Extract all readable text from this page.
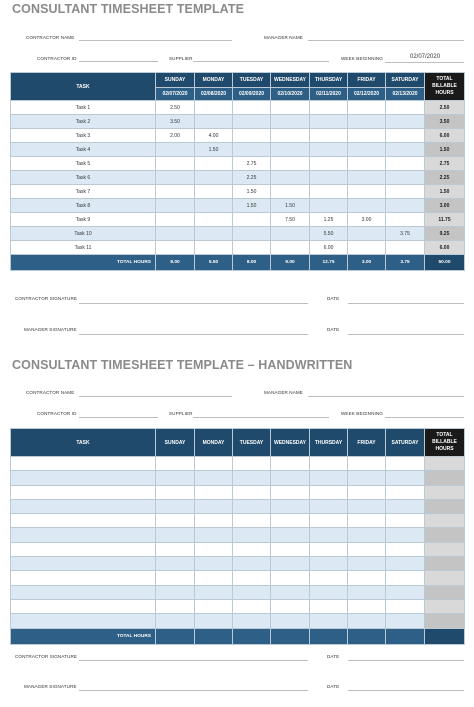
CONSULTANT TIMESHEET TEMPLATE
CONTRACTOR NAME	MANAGER NAME
CONTRACTOR ID	SUPPLIER	WEEK BEGINNING	02/07/2020
TASK	SUNDAY	MONDAY	TUESDAY	WEDNESDAY	THURSDAY	FRIDAY	SATURDAY	TOTAL
BILLABLE
HOURS

	02/07/2020	02/08/2020	02/09/2020	02/10/2020	02/11/2020	02/12/2020	02/13/2020	
Task 1	2.50							2.50
Task 2	3.50							3.50
Task 3	2.00	4.00						6.00
Task 4		1.50						1.50
Task 5			2.75					2.75
Task 6			2.25					2.25
Task 7			1.50					1.50
Task 8			1.50	1.50				3.00
Task 9				7.50	1.25	3.00		11.75
Task 10					5.50		3.75	9.25
Task 11					6.00			6.00
TOTAL HOURS	8.00	5.50	8.00	9.00	12.75	3.00	3.75	50.00
CONTRACTOR SIGNATURE	DATE
MANAGER SIGNATURE	DATE
CONSULTANT TIMESHEET TEMPLATE – HANDWRITTEN
CONTRACTOR NAME	MANAGER NAME
CONTRACTOR ID	SUPPLIER	WEEK BEGINNING
TASK	SUNDAY	MONDAY	TUESDAY	WEDNESDAY	THURSDAY	FRIDAY	SATURDAY	TOTAL
BILLABLE
HOURS

TOTAL HOURS								
CONTRACTOR SIGNATURE	DATE
MANAGER SIGNATURE	DATE
